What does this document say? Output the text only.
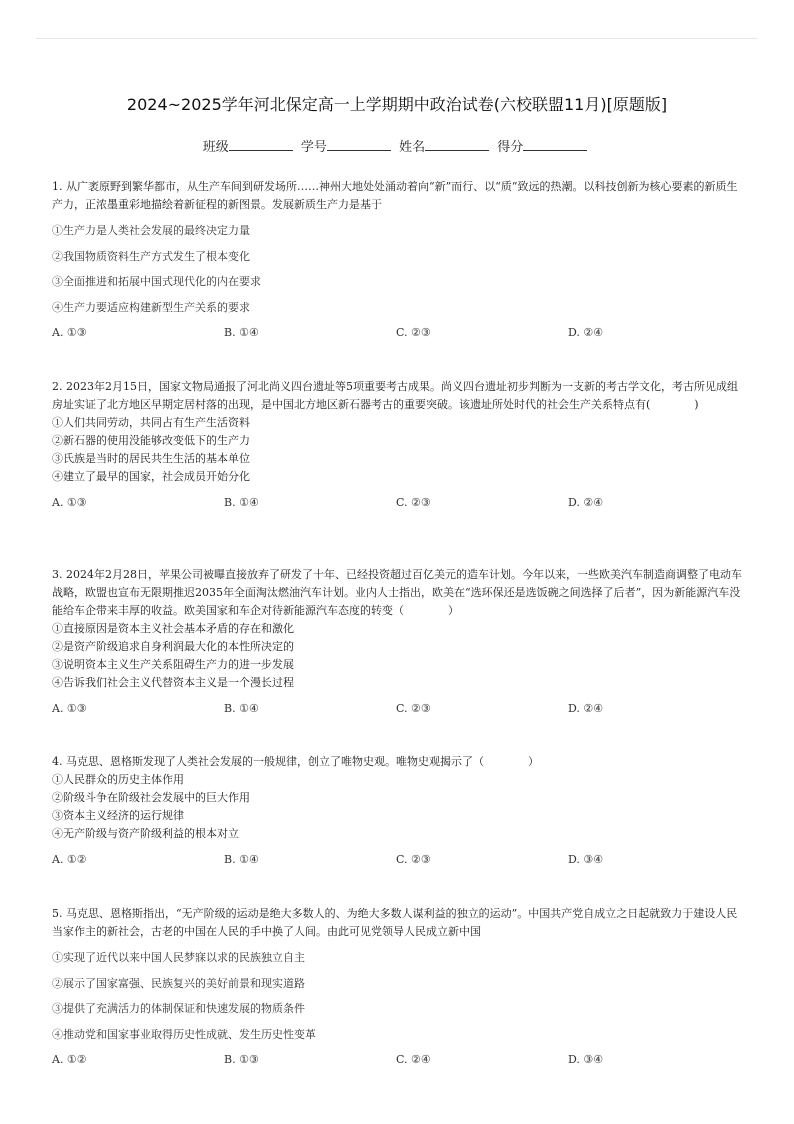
2024~2025学年河北保定高一上学期期中政治试卷(六校联盟11月)[原题版]
班级	学号	姓名	得分
1. 从广袤原野到繁华都市，从生产车间到研发场所……神州大地处处涌动着向“新”而行、以“质”致远的热潮。以科技创新为核心要素的新质生产力，正浓墨重彩地描绘着新征程的新图景。发展新质生产力是基于
①生产力是人类社会发展的最终决定力量
②我国物质资料生产方式发生了根本变化
③全面推进和拓展中国式现代化的内在要求
④生产力要适应构建新型生产关系的要求
A. ①③	B. ①④	C. ②③	D. ②④
2. 2023年2月15日，国家文物局通报了河北尚义四台遗址等5项重要考古成果。尚义四台遗址初步判断为一支新的考古学文化，考古所见成组房址实证了北方地区早期定居村落的出现，是中国北方地区新石器考古的重要突破。该遗址所处时代的社会生产关系特点有(　　　　)
①人们共同劳动，共同占有生产生活资料
②新石器的使用没能够改变低下的生产力
③氏族是当时的居民共生生活的基本单位
④建立了最早的国家，社会成员开始分化
A. ①③	B. ①④	C. ②③	D. ②④
3. 2024年2月28日，苹果公司被曝直接放弃了研发了十年、已经投资超过百亿美元的造车计划。今年以来，一些欧美汽车制造商调整了电动车战略，欧盟也宣布无限期推迟2035年全面淘汰燃油汽车计划。业内人士指出，欧美在“选环保还是选饭碗之间选择了后者”，因为新能源汽车没能给车企带来丰厚的收益。欧美国家和车企对待新能源汽车态度的转变（　　　　）
①直接原因是资本主义社会基本矛盾的存在和激化
②是资产阶级追求自身利润最大化的本性所决定的
③说明资本主义生产关系阻碍生产力的进一步发展
④告诉我们社会主义代替资本主义是一个漫长过程
A. ①③	B. ①④	C. ②③	D. ②④
4. 马克思、恩格斯发现了人类社会发展的一般规律，创立了唯物史观。唯物史观揭示了（　　　　）
①人民群众的历史主体作用
②阶级斗争在阶级社会发展中的巨大作用
③资本主义经济的运行规律
④无产阶级与资产阶级利益的根本对立
A. ①②	B. ①④	C. ②③	D. ③④
5. 马克思、恩格斯指出，“无产阶级的运动是绝大多数人的、为绝大多数人谋利益的独立的运动”。中国共产党自成立之日起就致力于建设人民当家作主的新社会，古老的中国在人民的手中换了人间。由此可见党领导人民成立新中国
①实现了近代以来中国人民梦寐以求的民族独立自主
②展示了国家富强、民族复兴的美好前景和现实道路
③提供了充满活力的体制保证和快速发展的物质条件
④推动党和国家事业取得历史性成就、发生历史性变革
A. ①②	B. ①③	C. ②④	D. ③④
